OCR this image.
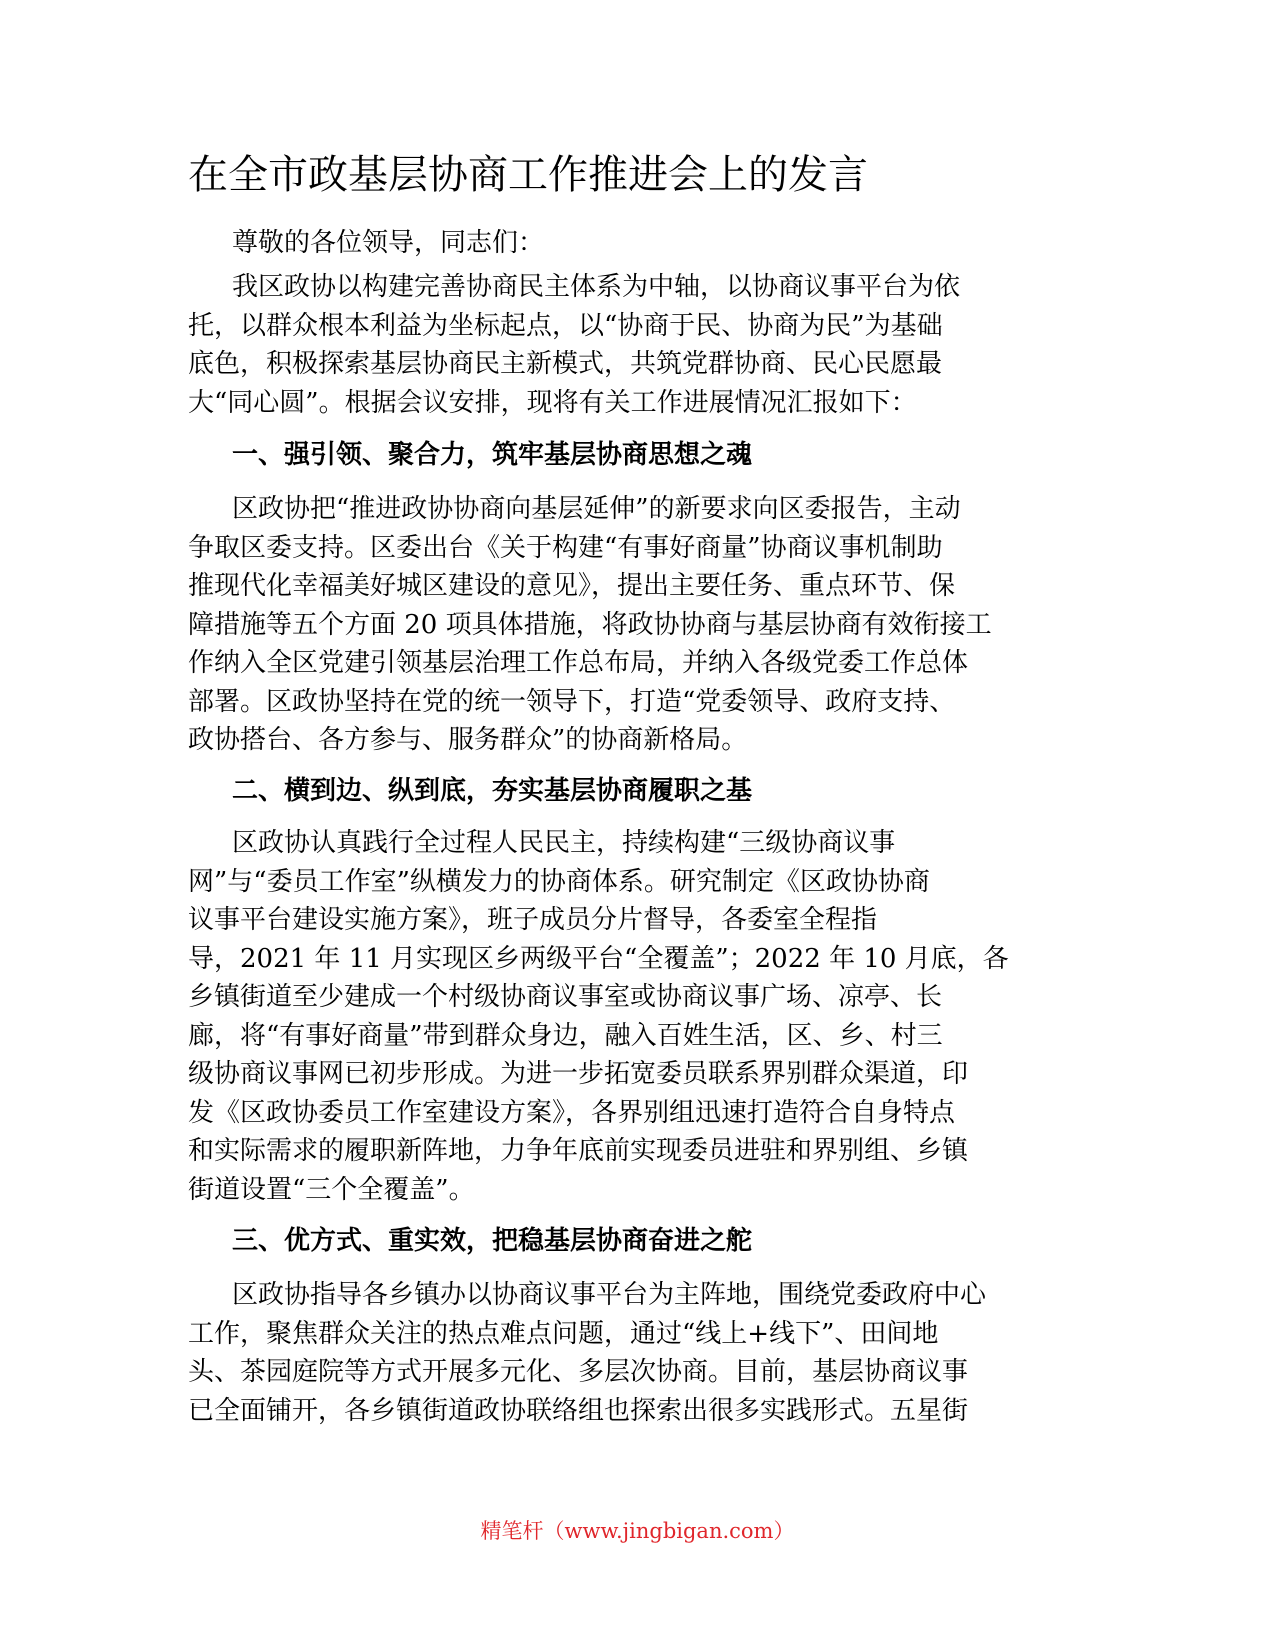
在全市政基层协商工作推进会上的发言
尊敬的各位领导，同志们：
我区政协以构建完善协商民主体系为中轴，以协商议事平台为依
托，以群众根本利益为坐标起点，以“协商于民、协商为民”为基础
底色，积极探索基层协商民主新模式，共筑党群协商、民心民愿最
大“同心圆”。根据会议安排，现将有关工作进展情况汇报如下：
一、强引领、聚合力，筑牢基层协商思想之魂
区政协把“推进政协协商向基层延伸”的新要求向区委报告，主动
争取区委支持。区委出台《关于构建“有事好商量”协商议事机制助
推现代化幸福美好城区建设的意见》，提出主要任务、重点环节、保
障措施等五个方面 20 项具体措施，将政协协商与基层协商有效衔接工
作纳入全区党建引领基层治理工作总布局，并纳入各级党委工作总体
部署。区政协坚持在党的统一领导下，打造“党委领导、政府支持、
政协搭台、各方参与、服务群众”的协商新格局。
二、横到边、纵到底，夯实基层协商履职之基
区政协认真践行全过程人民民主，持续构建“三级协商议事
网”与“委员工作室”纵横发力的协商体系。研究制定《区政协协商
议事平台建设实施方案》，班子成员分片督导，各委室全程指
导，2021 年 11 月实现区乡两级平台“全覆盖”；2022 年 10 月底，各
乡镇街道至少建成一个村级协商议事室或协商议事广场、凉亭、长
廊，将“有事好商量”带到群众身边，融入百姓生活，区、乡、村三
级协商议事网已初步形成。为进一步拓宽委员联系界别群众渠道，印
发《区政协委员工作室建设方案》，各界别组迅速打造符合自身特点
和实际需求的履职新阵地，力争年底前实现委员进驻和界别组、乡镇
街道设置“三个全覆盖”。
三、优方式、重实效，把稳基层协商奋进之舵
区政协指导各乡镇办以协商议事平台为主阵地，围绕党委政府中心
工作，聚焦群众关注的热点难点问题，通过“线上+线下”、田间地
头、茶园庭院等方式开展多元化、多层次协商。目前，基层协商议事
已全面铺开，各乡镇街道政协联络组也探索出很多实践形式。五星街
精笔杆（www.jingbigan.com）
